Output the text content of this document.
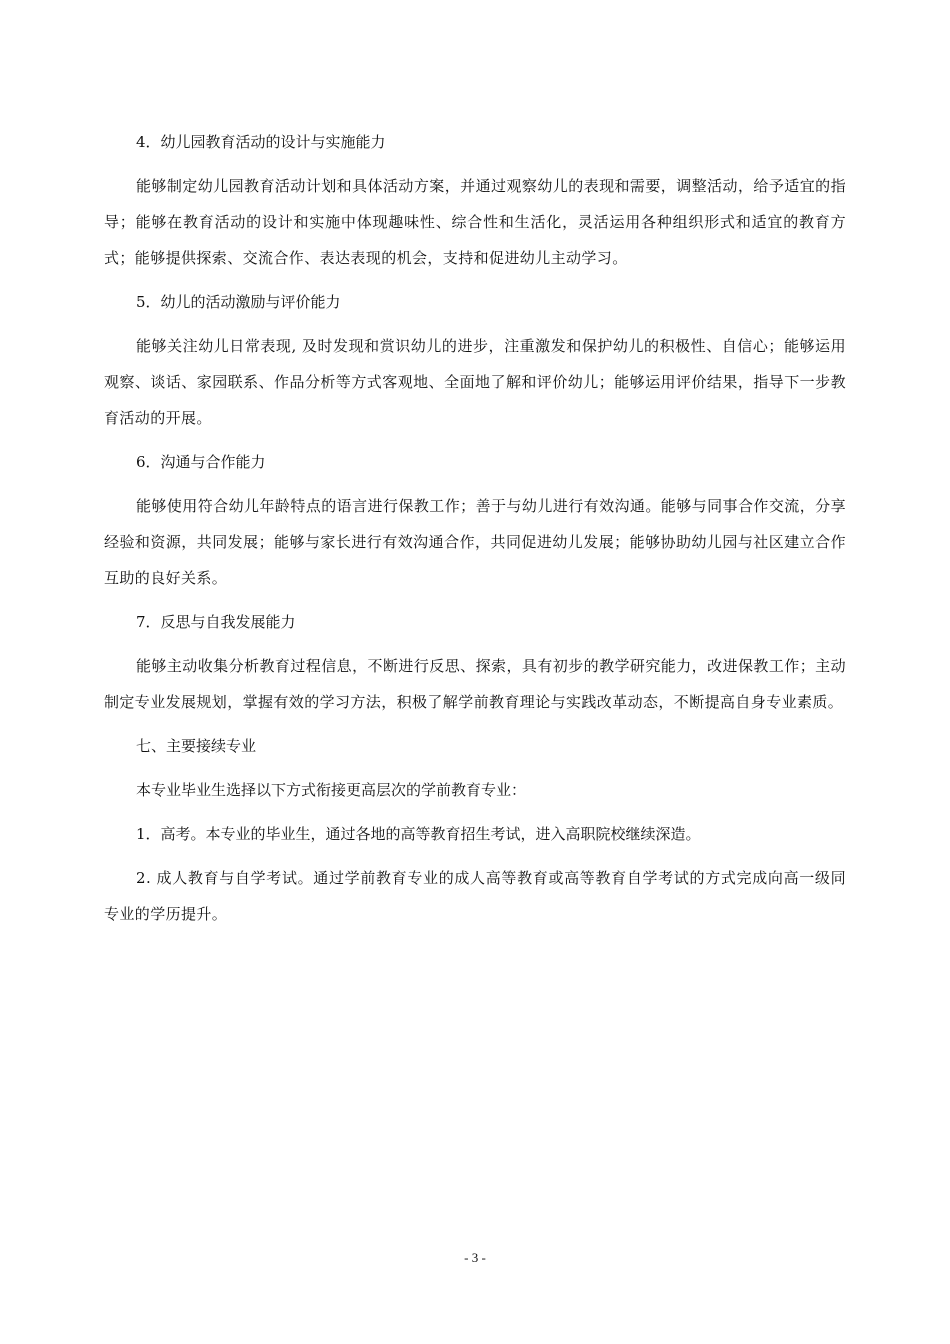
4．幼儿园教育活动的设计与实施能力

能够制定幼儿园教育活动计划和具体活动方案，并通过观察幼儿的表现和需要，调整活动，给予适宜的指导；能够在教育活动的设计和实施中体现趣味性、综合性和生活化，灵活运用各种组织形式和适宜的教育方式；能够提供探索、交流合作、表达表现的机会，支持和促进幼儿主动学习。

5．幼儿的活动激励与评价能力

能够关注幼儿日常表现, 及时发现和赏识幼儿的进步，注重激发和保护幼儿的积极性、自信心；能够运用观察、谈话、家园联系、作品分析等方式客观地、全面地了解和评价幼儿；能够运用评价结果，指导下一步教育活动的开展。

6．沟通与合作能力

能够使用符合幼儿年龄特点的语言进行保教工作；善于与幼儿进行有效沟通。能够与同事合作交流，分享经验和资源，共同发展；能够与家长进行有效沟通合作，共同促进幼儿发展；能够协助幼儿园与社区建立合作互助的良好关系。

7．反思与自我发展能力

能够主动收集分析教育过程信息，不断进行反思、探索，具有初步的教学研究能力，改进保教工作；主动制定专业发展规划，掌握有效的学习方法，积极了解学前教育理论与实践改革动态，不断提高自身专业素质。

七、主要接续专业

本专业毕业生选择以下方式衔接更高层次的学前教育专业：

1．高考。本专业的毕业生，通过各地的高等教育招生考试，进入高职院校继续深造。

2. 成人教育与自学考试。通过学前教育专业的成人高等教育或高等教育自学考试的方式完成向高一级同专业的学历提升。

- 3 -
